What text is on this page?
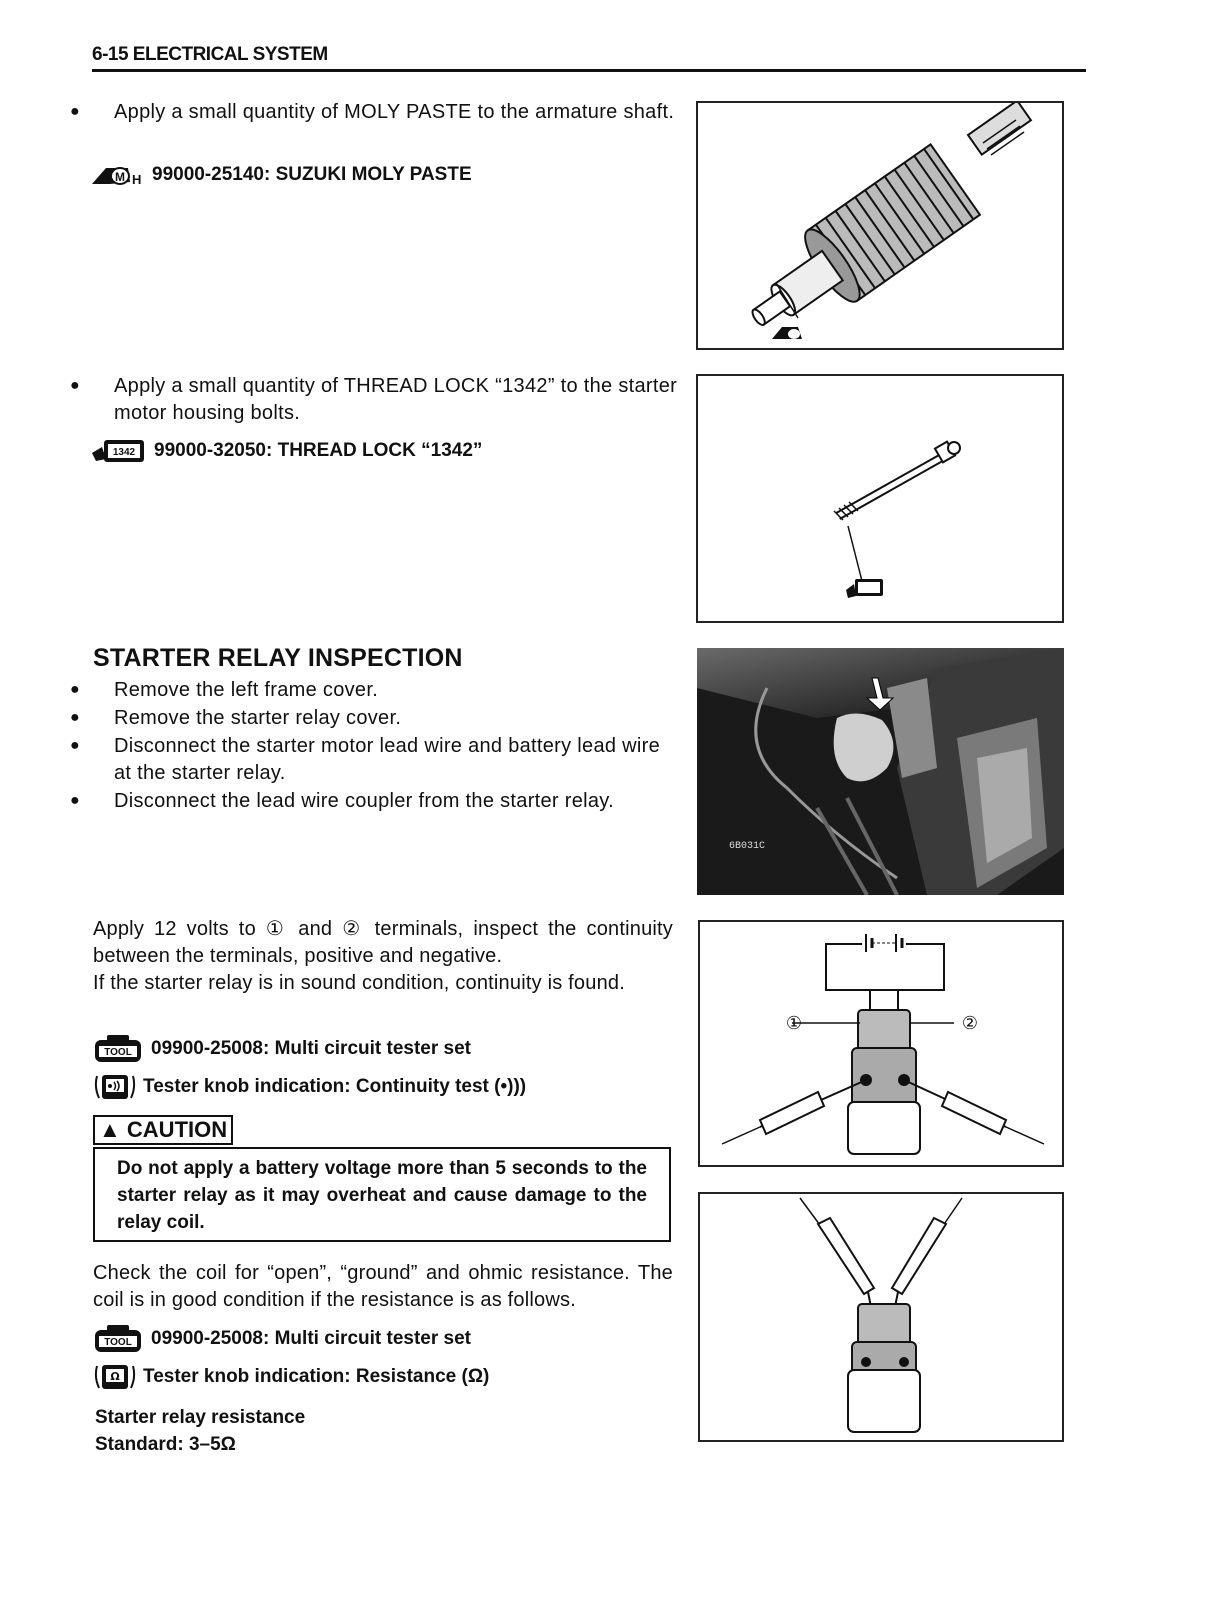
6-15 ELECTRICAL SYSTEM
● Apply a small quantity of MOLY PASTE to the armature shaft.
M H 99000-25140: SUZUKI MOLY PASTE
● Apply a small quantity of THREAD LOCK “1342” to the starter motor housing bolts.
1342 99000-32050: THREAD LOCK “1342”
STARTER RELAY INSPECTION
● Remove the left frame cover.
● Remove the starter relay cover.
● Disconnect the starter motor lead wire and battery lead wire at the starter relay.
● Disconnect the lead wire coupler from the starter relay.
6B031C
Apply 12 volts to ① and ② terminals, inspect the continuity between the terminals, positive and negative.
If the starter relay is in sound condition, continuity is found.
TOOL 09900-25008: Multi circuit tester set
Tester knob indication: Continuity test (•)))
▲ CAUTION
Do not apply a battery voltage more than 5 seconds to the starter relay as it may overheat and cause damage to the relay coil.
①	②
Check the coil for “open”, “ground” and ohmic resistance. The coil is in good condition if the resistance is as follows.
TOOL 09900-25008: Multi circuit tester set
Ω Tester knob indication: Resistance (Ω)
Starter relay resistance
Standard: 3–5Ω
